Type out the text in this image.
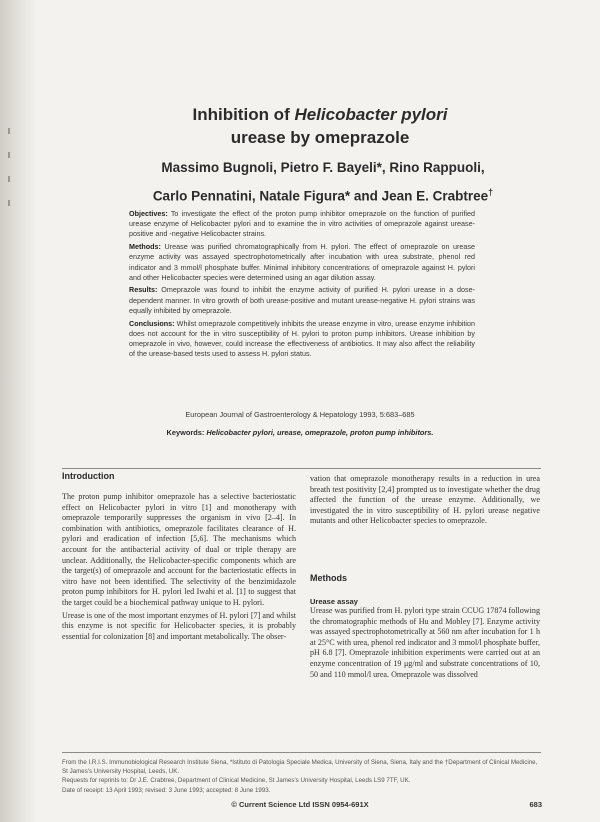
Inhibition of Helicobacter pylori
urease by omeprazole
Massimo Bugnoli, Pietro F. Bayeli*, Rino Rappuoli,
Carlo Pennatini, Natale Figura* and Jean E. Crabtree†

Objectives: To investigate the effect of the proton pump inhibitor omeprazole on the function of purified urease enzyme of Helicobacter pylori and to examine the in vitro activities of omeprazole against urease-positive and -negative Helicobacter strains.

Methods: Urease was purified chromatographically from H. pylori. The effect of omeprazole on urease enzyme activity was assayed spectrophotometrically after incubation with urea substrate, phenol red indicator and 3 mmol/l phosphate buffer. Minimal inhibitory concentrations of omeprazole against H. pylori and other Helicobacter species were determined using an agar dilution assay.

Results: Omeprazole was found to inhibit the enzyme activity of purified H. pylori urease in a dose-dependent manner. In vitro growth of both urease-positive and mutant urease-negative H. pylori strains was equally inhibited by omeprazole.

Conclusions: Whilst omeprazole competitively inhibits the urease enzyme in vitro, urease enzyme inhibition does not account for the in vitro susceptibility of H. pylori to proton pump inhibitors. Urease inhibition by omeprazole in vivo, however, could increase the effectiveness of antibiotics. It may also affect the reliability of the urease-based tests used to assess H. pylori status.

European Journal of Gastroenterology & Hepatology 1993, 5:683–685
Keywords: Helicobacter pylori, urease, omeprazole, proton pump inhibitors.
Introduction

The proton pump inhibitor omeprazole has a selective bacteriostatic effect on Helicobacter pylori in vitro [1] and monotherapy with omeprazole temporarily suppresses the organism in vivo [2–4]. In combination with antibiotics, omeprazole facilitates clearance of H. pylori and eradication of infection [5,6]. The mechanisms which account for the antibacterial activity of dual or triple therapy are unclear. Additionally, the Helicobacter-specific components which are the target(s) of omeprazole and account for the bacteriostatic effects in vitro have not been identified. The selectivity of the benzimidazole proton pump inhibitors for H. pylori led Iwahi et al. [1] to suggest that the target could be a biochemical pathway unique to H. pylori.

Urease is one of the most important enzymes of H. pylori [7] and whilst this enzyme is not specific for Helicobacter species, it is probably essential for colonization [8] and important metabolically. The obser-

vation that omeprazole monotherapy results in a reduction in urea breath test positivity [2,4] prompted us to investigate whether the drug affected the function of the urease enzyme. Additionally, we investigated the in vitro susceptibility of H. pylori urease negative mutants and other Helicobacter species to omeprazole.

Methods
Urease assay

Urease was purified from H. pylori type strain CCUG 17874 following the chromatographic methods of Hu and Mobley [7]. Enzyme activity was assayed spectrophotometrically at 560 nm after incubation for 1 h at 25°C with urea, phenol red indicator and 3 mmol/l phosphate buffer, pH 6.8 [7]. Omeprazole inhibition experiments were carried out at an enzyme concentration of 19 μg/ml and substrate concentrations of 10, 50 and 110 mmol/l urea. Omeprazole was dissolved

From the I.R.I.S. Immunobiological Research Institute Siena, *Istituto di Patologia Speciale Medica, University of Siena, Siena, Italy and the †Department of Clinical Medicine, St James's University Hospital, Leeds, UK.

Requests for reprints to: Dr J.E. Crabtree, Department of Clinical Medicine, St James's University Hospital, Leeds LS9 7TF, UK.

Date of receipt: 13 April 1993; revised: 3 June 1993; accepted: 8 June 1993.

© Current Science Ltd ISSN 0954-691X	683
